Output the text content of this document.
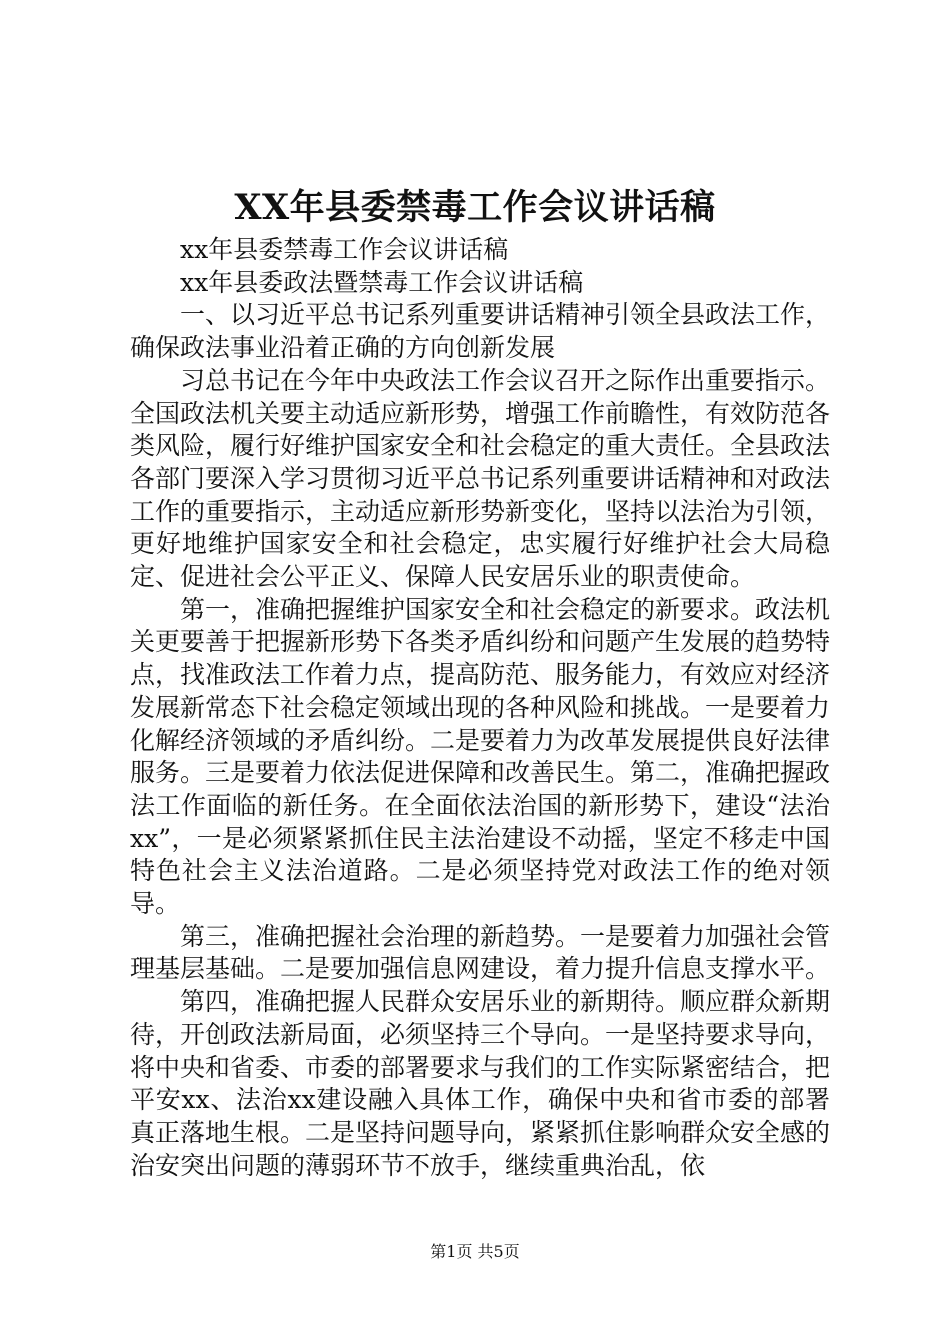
XX年县委禁毒工作会议讲话稿

xx年县委禁毒工作会议讲话稿

xx年县委政法暨禁毒工作会议讲话稿

一、以习近平总书记系列重要讲话精神引领全县政法工作，确保政法事业沿着正确的方向创新发展

习总书记在今年中央政法工作会议召开之际作出重要指示。全国政法机关要主动适应新形势，增强工作前瞻性，有效防范各类风险，履行好维护国家安全和社会稳定的重大责任。全县政法各部门要深入学习贯彻习近平总书记系列重要讲话精神和对政法工作的重要指示，主动适应新形势新变化，坚持以法治为引领，更好地维护国家安全和社会稳定，忠实履行好维护社会大局稳定、促进社会公平正义、保障人民安居乐业的职责使命。

第一，准确把握维护国家安全和社会稳定的新要求。政法机关更要善于把握新形势下各类矛盾纠纷和问题产生发展的趋势特点，找准政法工作着力点，提高防范、服务能力，有效应对经济发展新常态下社会稳定领域出现的各种风险和挑战。一是要着力化解经济领域的矛盾纠纷。二是要着力为改革发展提供良好法律服务。三是要着力依法促进保障和改善民生。第二，准确把握政法工作面临的新任务。在全面依法治国的新形势下，建设“法治xx”，一是必须紧紧抓住民主法治建设不动摇，坚定不移走中国特色社会主义法治道路。二是必须坚持党对政法工作的绝对领导。

第三，准确把握社会治理的新趋势。一是要着力加强社会管理基层基础。二是要加强信息网建设，着力提升信息支撑水平。

第四，准确把握人民群众安居乐业的新期待。顺应群众新期待，开创政法新局面，必须坚持三个导向。一是坚持要求导向，将中央和省委、市委的部署要求与我们的工作实际紧密结合，把平安xx、法治xx建设融入具体工作，确保中央和省市委的部署真正落地生根。二是坚持问题导向，紧紧抓住影响群众安全感的治安突出问题的薄弱环节不放手，继续重典治乱，依

第1页 共5页
